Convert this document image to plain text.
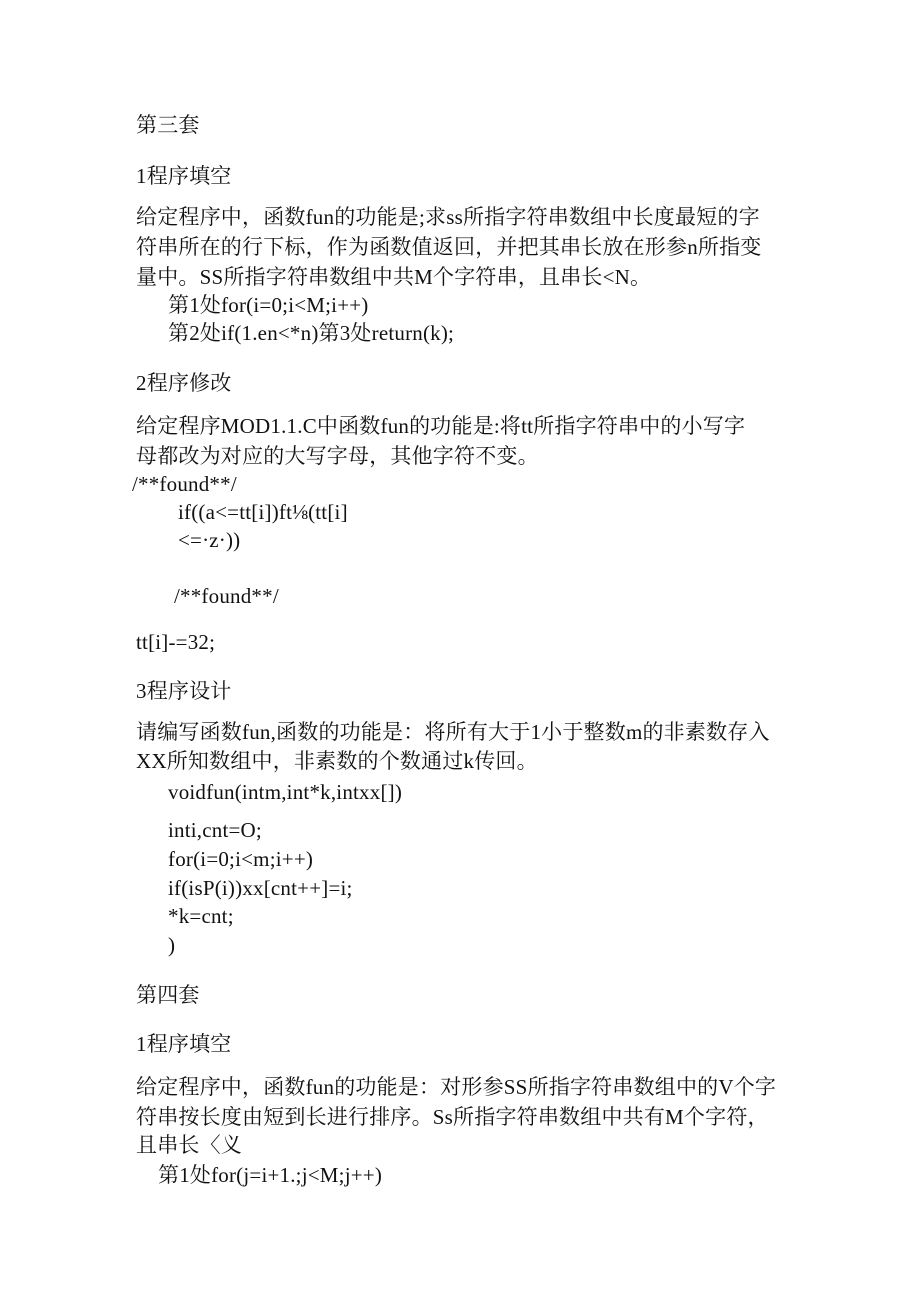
第三套
1程序填空
给定程序中，函数fun的功能是;求ss所指字符串数组中长度最短的字
符串所在的行下标，作为函数值返回，并把其串长放在形参n所指变
量中。SS所指字符串数组中共M个字符串，且串长<N。
第1处for(i=0;i<M;i++)
第2处if(1.en<*n)第3处return(k);
2程序修改
给定程序MOD1.1.C中函数fun的功能是:将tt所指字符串中的小写字
母都改为对应的大写字母，其他字符不变。
/**found**/
if((a<=tt[i])ft⅛(tt[i]
<=·z·))
/**found**/
tt[i]-=32;
3程序设计
请编写函数fun,函数的功能是：将所有大于1小于整数m的非素数存入
XX所知数组中，非素数的个数通过k传回。
voidfun(intm,int*k,intxx[])
inti,cnt=O;
for(i=0;i<m;i++)
if(isP(i))xx[cnt++]=i;
*k=cnt;
)
第四套
1程序填空
给定程序中，函数fun的功能是：对形参SS所指字符串数组中的V个字
符串按长度由短到长进行排序。Ss所指字符串数组中共有M个字符，
且串长〈义
第1处for(j=i+1.;j<M;j++)
